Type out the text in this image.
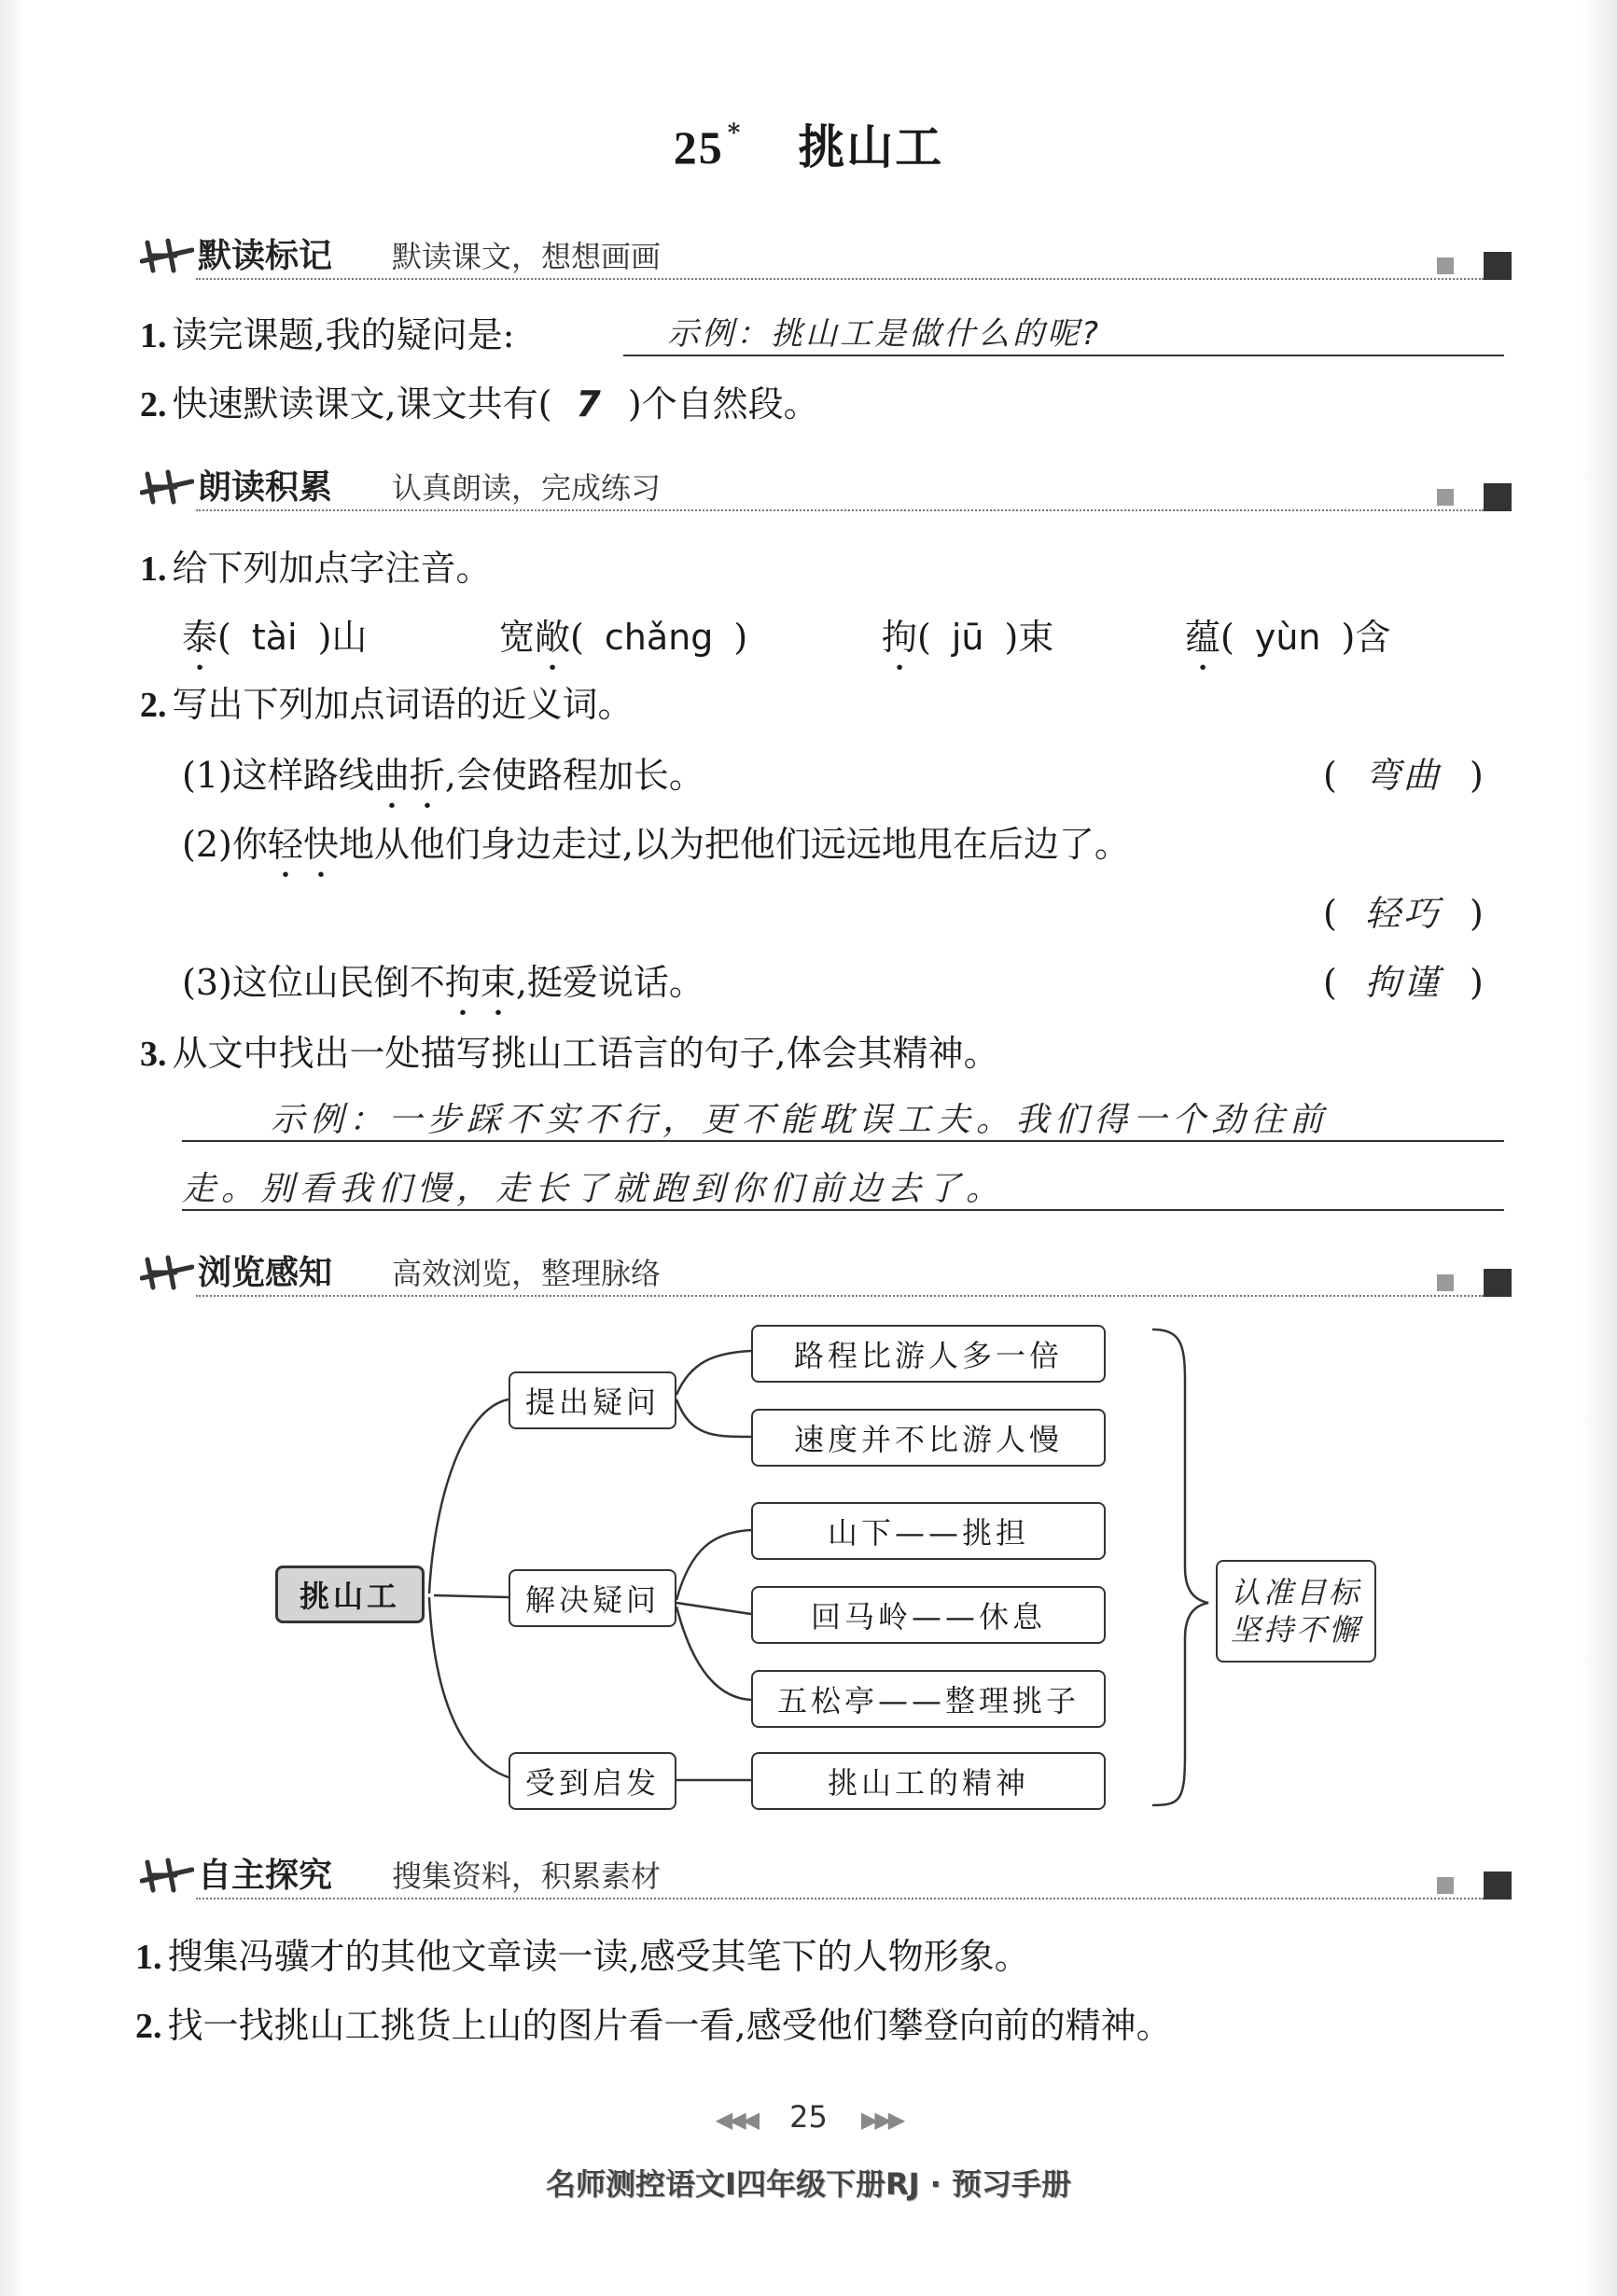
25 * 挑山工
默读标记 默读课文，想想画画
1. 读完课题,我的疑问是:	示例：挑山工是做什么的呢?
2. 快速默读课文,课文共有( 7 )个自然段。
朗读积累 认真朗读，完成练习
1. 给下列加点字注音。
泰( tài )山	宽敞( chǎng )	拘( jū )束	蕴( yùn )含
2. 写出下列加点词语的近义词。
(1)这样路线曲折,会使路程加长。	( 弯曲 )
(2)你轻快地从他们身边走过,以为把他们远远地甩在后边了。
( 轻巧 )
(3)这位山民倒不拘束,挺爱说话。	( 拘谨 )
3. 从文中找出一处描写挑山工语言的句子,体会其精神。
示例：一步踩不实不行，更不能耽误工夫。我们得一个劲往前
走。别看我们慢，走长了就跑到你们前边去了。
浏览感知 高效浏览，整理脉络
挑山工
提出疑问
解决疑问
受到启发
路程比游人多一倍
速度并不比游人慢
山下——挑担
回马岭——休息
五松亭——整理挑子
挑山工的精神
认准目标
坚持不懈
自主探究 搜集资料，积累素材
1. 搜集冯骥才的其他文章读一读,感受其笔下的人物形象。
2. 找一找挑山工挑货上山的图片看一看,感受他们攀登向前的精神。
◀◀◀ 25 ▶▶▶
名师测控语文Ⅰ四年级下册RJ · 预习手册
